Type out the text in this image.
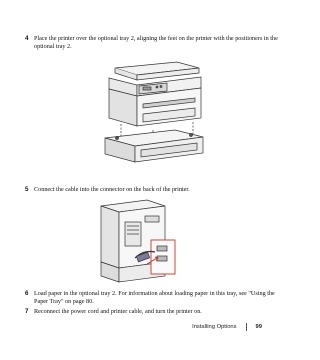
4 Place the printer over the optional tray 2, aligning the feet on the printer with the positioners in the optional tray 2.
5 Connect the cable into the connector on the back of the printer.
6 Load paper in the optional tray 2. For information about loading paper in this tray, see "Using the Paper Tray" on page 80.
7 Reconnect the power cord and printer cable, and turn the printer on.
Installing Options	99
